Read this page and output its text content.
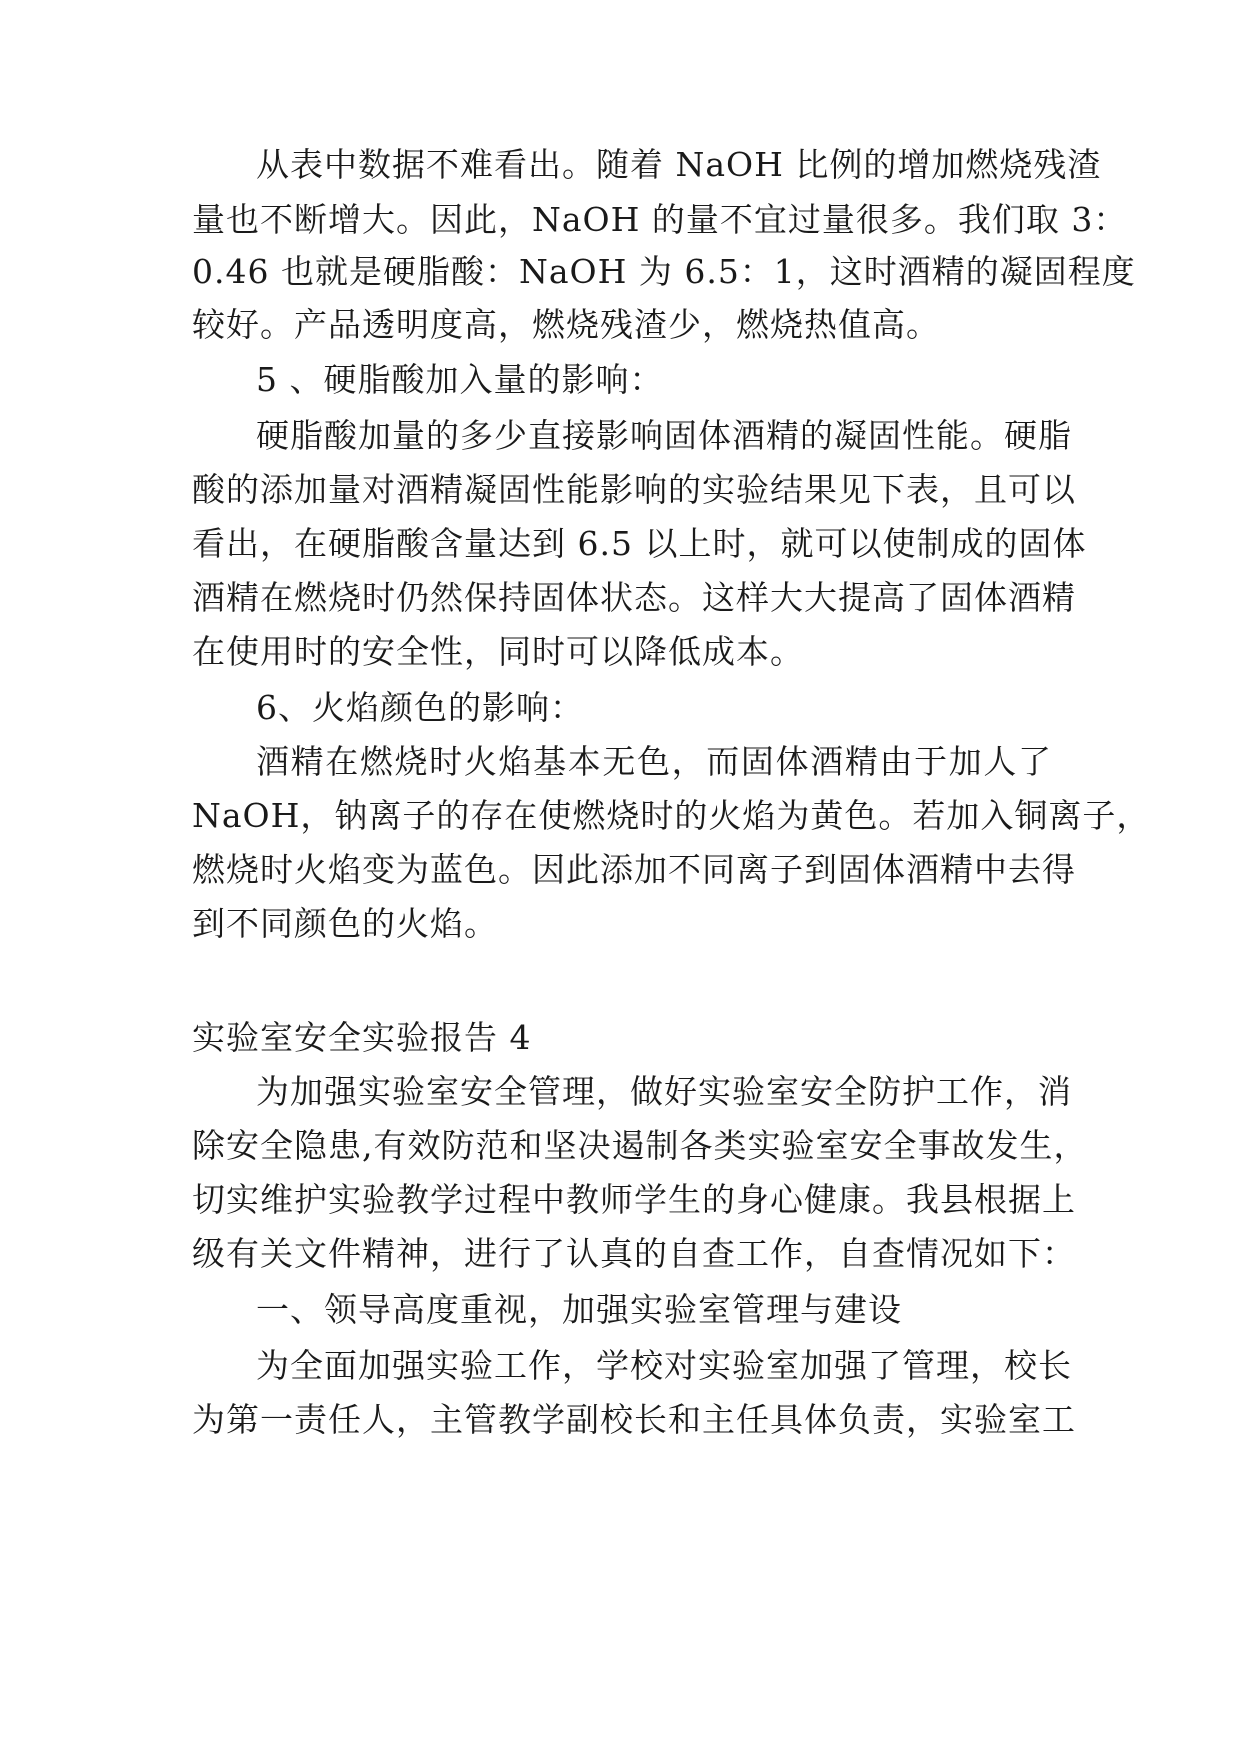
从表中数据不难看出。随着 NaOH 比例的增加燃烧残渣
量也不断增大。因此，NaOH 的量不宜过量很多。我们取 3：
0.46 也就是硬脂酸：NaOH 为 6.5：1，这时酒精的凝固程度
较好。产品透明度高，燃烧残渣少，燃烧热值高。
5 、硬脂酸加入量的影响：
硬脂酸加量的多少直接影响固体酒精的凝固性能。硬脂
酸的添加量对酒精凝固性能影响的实验结果见下表，且可以
看出，在硬脂酸含量达到 6.5 以上时，就可以使制成的固体
酒精在燃烧时仍然保持固体状态。这样大大提高了固体酒精
在使用时的安全性，同时可以降低成本。
6、火焰颜色的影响：
酒精在燃烧时火焰基本无色，而固体酒精由于加人了
NaOH，钠离子的存在使燃烧时的火焰为黄色。若加入铜离子，
燃烧时火焰变为蓝色。因此添加不同离子到固体酒精中去得
到不同颜色的火焰。
实验室安全实验报告 4
为加强实验室安全管理，做好实验室安全防护工作，消
除安全隐患,有效防范和坚决遏制各类实验室安全事故发生，
切实维护实验教学过程中教师学生的身心健康。我县根据上
级有关文件精神，进行了认真的自查工作，自查情况如下：
一、领导高度重视，加强实验室管理与建设
为全面加强实验工作，学校对实验室加强了管理，校长
为第一责任人，主管教学副校长和主任具体负责，实验室工
